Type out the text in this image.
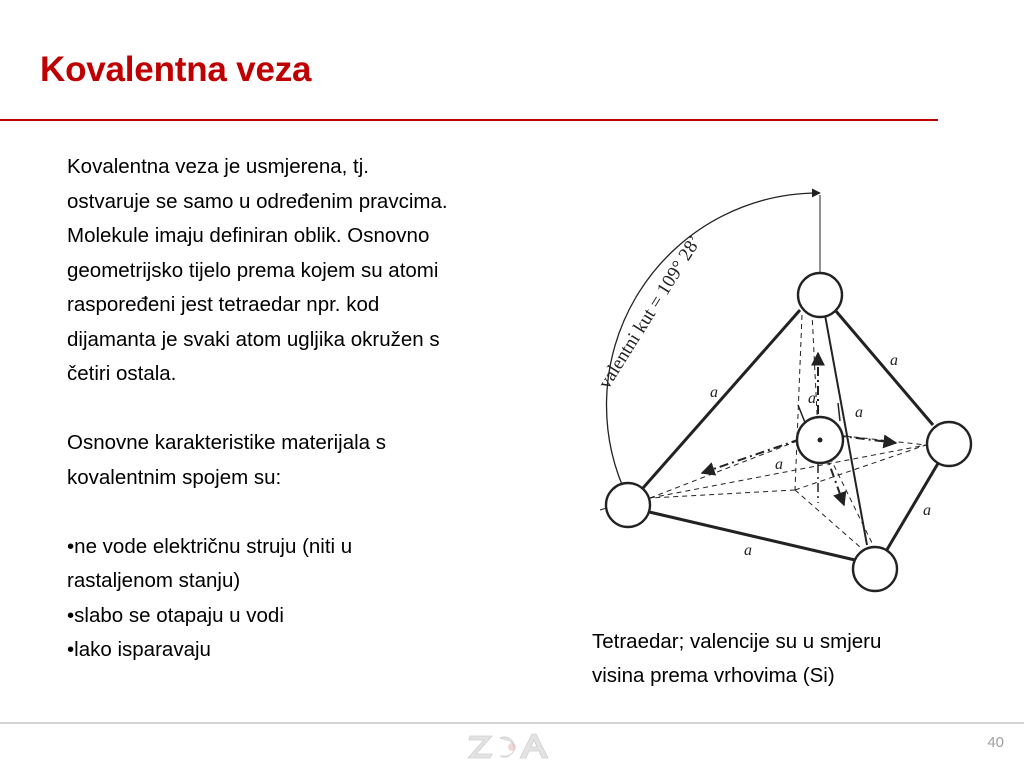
Kovalentna veza

Kovalentna veza je usmjerena, tj.

ostvaruje se samo u određenim pravcima.

Molekule imaju definiran oblik. Osnovno

geometrijsko tijelo prema kojem su atomi

raspoređeni jest tetraedar npr. kod

dijamanta je svaki atom ugljika okružen s

četiri ostala.

Osnovne karakteristike materijala s

kovalentnim spojem su:

•ne vode električnu struju (niti u

rastaljenom stanju)

•slabo se otapaju u vodi

•lako isparavaju

valentni kut = 109° 28’ a
a
a
a
a
a
a

Tetraedar; valencije su u smjeru

visina prema vrhovima (Si)

40
